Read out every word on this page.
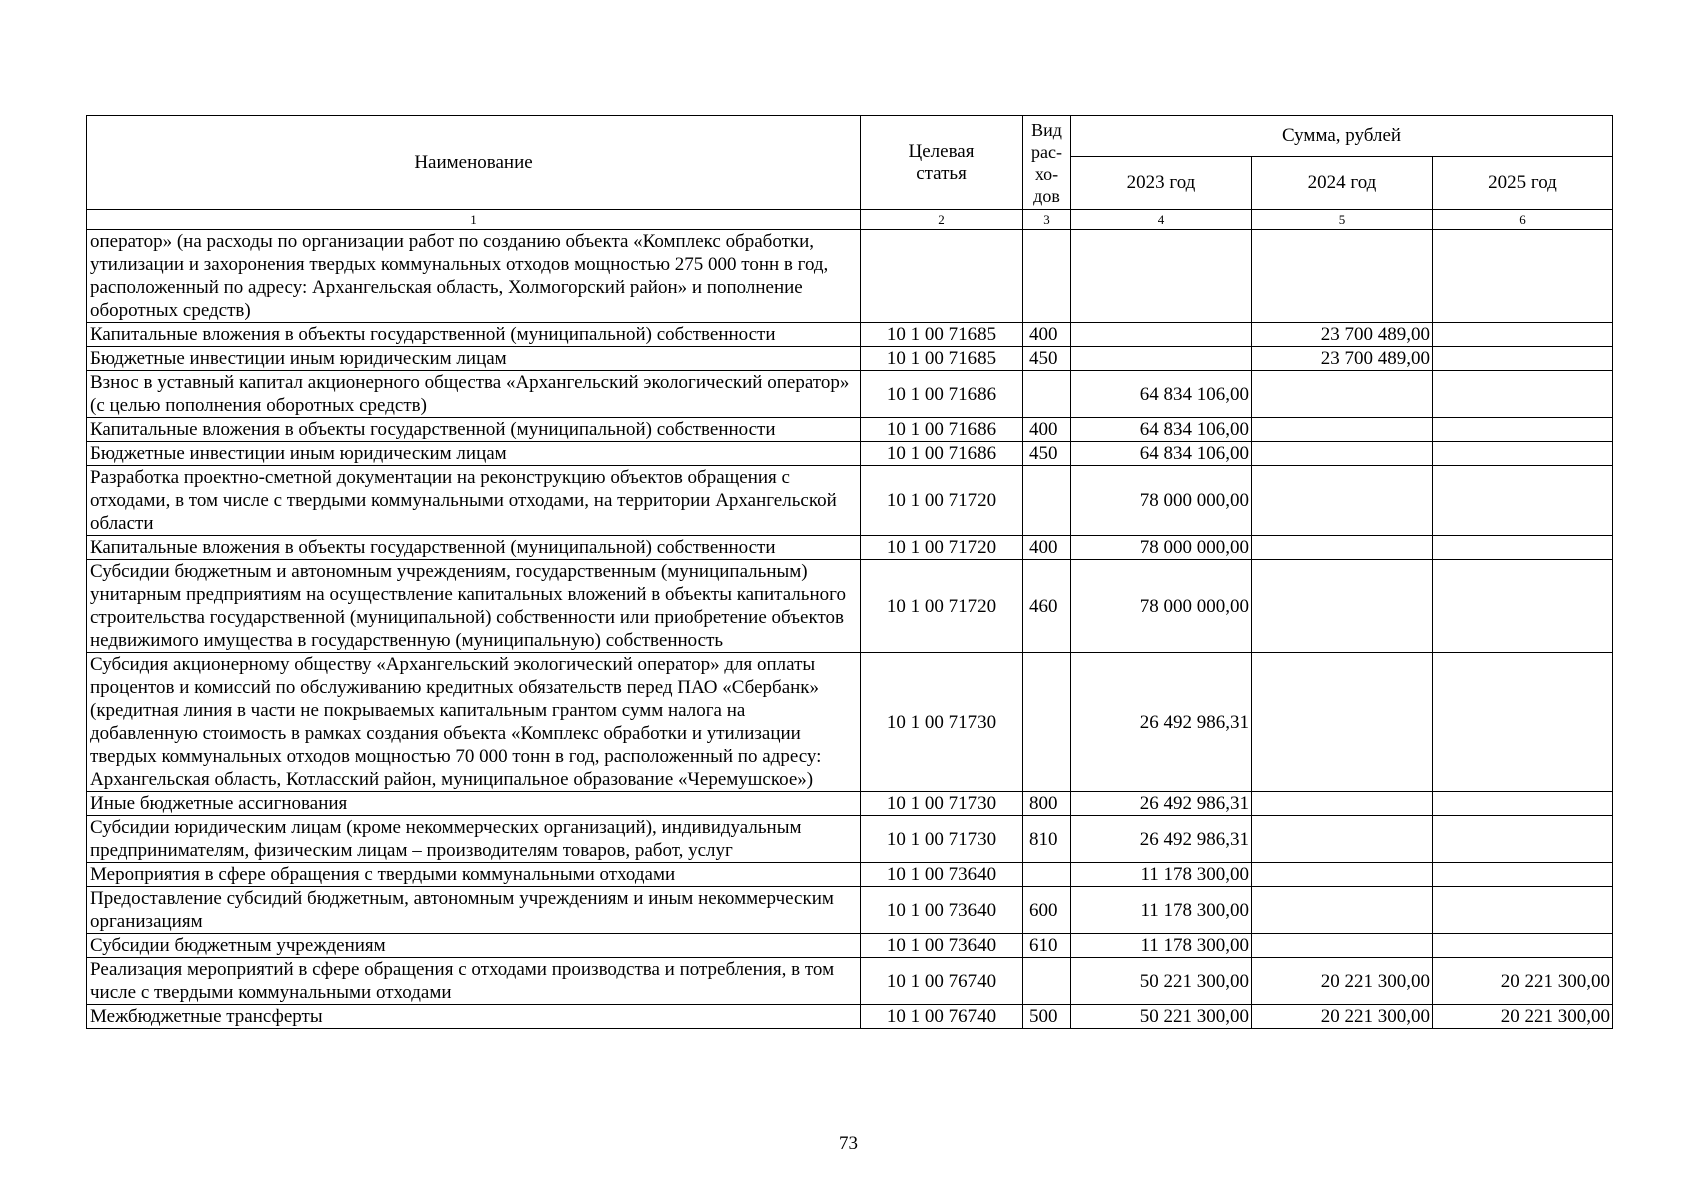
Наименование	Целевая статья	Вид рас-хо-дов	Сумма, рублей		
			2023 год	2024 год	2025 год
1	2	3	4	5	6
оператор» (на расходы по организации работ по созданию объекта «Комплекс обработки, утилизации и захоронения твердых коммунальных отходов мощностью 275 000 тонн в год, расположенный по адресу: Архангельская область, Холмогорский район» и пополнение оборотных средств)					
Капитальные вложения в объекты государственной (муниципальной) собственности	10 1 00 71685	400		23 700 489,00	
Бюджетные инвестиции иным юридическим лицам	10 1 00 71685	450		23 700 489,00	
Взнос в уставный капитал акционерного общества «Архангельский экологический оператор» (с целью пополнения оборотных средств)	10 1 00 71686		64 834 106,00		
Капитальные вложения в объекты государственной (муниципальной) собственности	10 1 00 71686	400	64 834 106,00		
Бюджетные инвестиции иным юридическим лицам	10 1 00 71686	450	64 834 106,00		
Разработка проектно-сметной документации на реконструкцию объектов обращения с отходами, в том числе с твердыми коммунальными отходами, на территории Архангельской области	10 1 00 71720		78 000 000,00		
Капитальные вложения в объекты государственной (муниципальной) собственности	10 1 00 71720	400	78 000 000,00		
Субсидии бюджетным и автономным учреждениям, государственным (муниципальным) унитарным предприятиям на осуществление капитальных вложений в объекты капитального строительства государственной (муниципальной) собственности или приобретение объектов недвижимого имущества в государственную (муниципальную) собственность	10 1 00 71720	460	78 000 000,00		
Субсидия акционерному обществу «Архангельский экологический оператор» для оплаты процентов и комиссий по обслуживанию кредитных обязательств перед ПАО «Сбербанк» (кредитная линия в части не покрываемых капитальным грантом сумм налога на добавленную стоимость в рамках создания объекта «Комплекс обработки и утилизации твердых коммунальных отходов мощностью 70 000 тонн в год, расположенный по адресу: Архангельская область, Котласский район, муниципальное образование «Черемушское»)	10 1 00 71730		26 492 986,31		
Иные бюджетные ассигнования	10 1 00 71730	800	26 492 986,31		
Субсидии юридическим лицам (кроме некоммерческих организаций), индивидуальным предпринимателям, физическим лицам – производителям товаров, работ, услуг	10 1 00 71730	810	26 492 986,31		
Мероприятия в сфере обращения с твердыми коммунальными отходами	10 1 00 73640		11 178 300,00		
Предоставление субсидий бюджетным, автономным учреждениям и иным некоммерческим организациям	10 1 00 73640	600	11 178 300,00		
Субсидии бюджетным учреждениям	10 1 00 73640	610	11 178 300,00		
Реализация мероприятий в сфере обращения с отходами производства и потребления, в том числе с твердыми коммунальными отходами	10 1 00 76740		50 221 300,00	20 221 300,00	20 221 300,00
Межбюджетные трансферты	10 1 00 76740	500	50 221 300,00	20 221 300,00	20 221 300,00
73
